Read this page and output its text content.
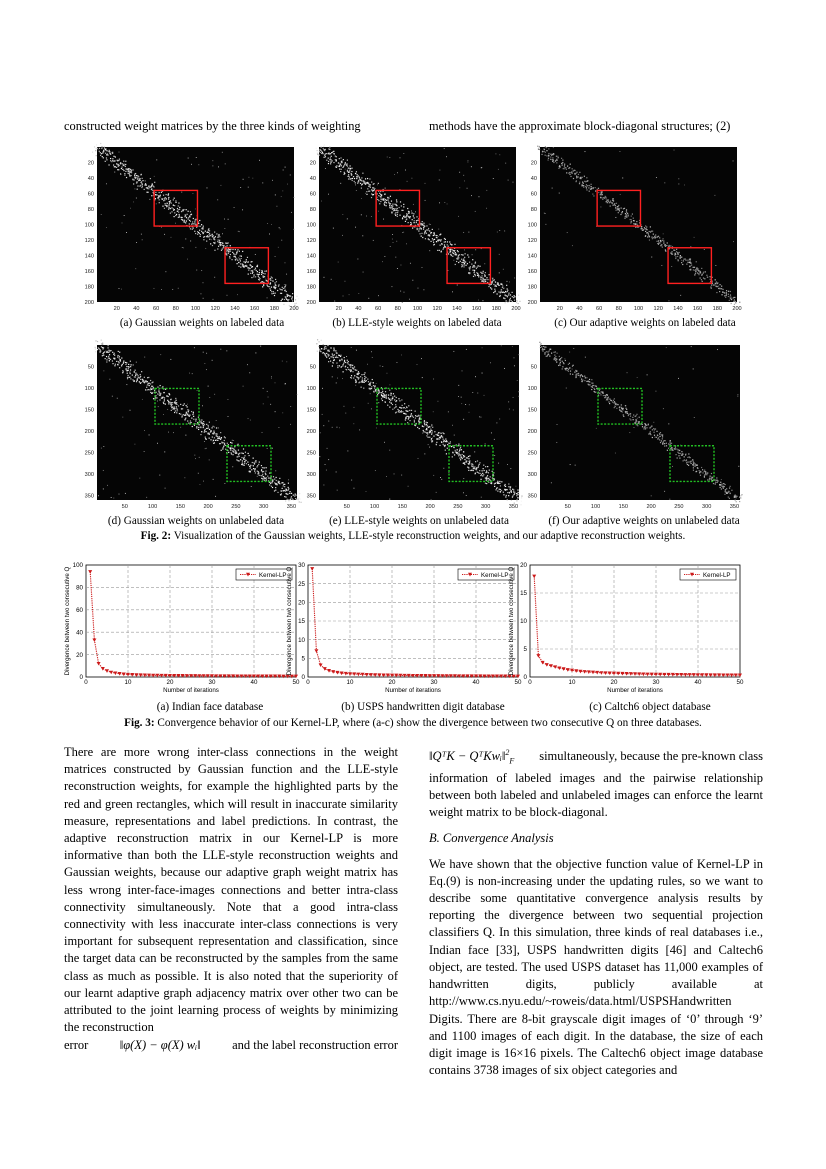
constructed weight matrices by the three kinds of weighting	methods have the approximate block-diagonal structures; (2)
20
20
40
40
60
60
80
80
100
100
120
120
140
140
160
160
180
180
200
200
20
20
40
40
60
60
80
80
100
100
120
120
140
140
160
160
180
180
200
200
20
20
40
40
60
60
80
80
100
100
120
120
140
140
160
160
180
180
200
200
50
50
100
100
150
150
200
200
250
250
300
300
350
350
50
50
100
100
150
150
200
200
250
250
300
300
350
350
50
50
100
100
150
150
200
200
250
250
300
300
350
350
(a) Gaussian weights on labeled data	(b) LLE-style weights on labeled data	(c) Our adaptive weights on labeled data
(d) Gaussian weights on unlabeled data	(e) LLE-style weights on unlabeled data	(f) Our adaptive weights on unlabeled data
Fig. 2: Visualization of the Gaussian weights, LLE-style reconstruction weights, and our adaptive reconstruction weights.
0	10	20	30	40	50
0
20
40
60
80
100
Number of iterations
Divergence between two consecutive Q	Kernel-LP
0	10	20	30	40	50
0
5
10
15
20
25
30
Number of iterations
Divergence between two consecutive Q	Kernel-LP
0	10	20	30	40	50
0
5
10
15
20
Number of iterations
Divergence between two consecutive Q	Kernel-LP
(a) Indian face database	(b) USPS handwritten digit database	(c) Caltch6 object database
Fig. 3: Convergence behavior of our Kernel-LP, where (a-c) show the divergence between two consecutive Q on three databases.

There are more wrong inter-class connections in the weight matrices constructed by Gaussian function and the LLE-style reconstruction weights, for example the highlighted parts by the red and green rectangles, which will result in inaccurate similarity measure, representations and label predictions. In contrast, the adaptive reconstruction matrix in our Kernel-LP is more informative than both the LLE-style reconstruction weights and Gaussian weights, because our adaptive graph weight matrix has less wrong inter-face-images connections and better intra-class connectivity simultaneously. Note that a good intra-class connectivity with less inaccurate inter-class connections is very important for subsequent representation and classification, since the target data can be reconstructed by the samples from the same class as much as possible. It is also noted that the superiority of our learnt adaptive graph adjacency matrix over other two can be attributed to the joint learning process of weights by minimizing the reconstruction

error	‖φ(X) − φ(X) wᵢ‖	and the label reconstruction error
‖QᵀK − QᵀKwᵢ‖$^2_F$ simultaneously, because the pre-known class

information of labeled images and the pairwise relationship between both labeled and unlabeled images can enforce the learnt weight matrix to be block-diagonal.

B. Convergence Analysis

We have shown that the objective function value of Kernel-LP in Eq.(9) is non-increasing under the updating rules, so we want to describe some quantitative convergence analysis results by reporting the divergence between two sequential projection classifiers Q. In this simulation, three kinds of real databases i.e., Indian face [33], USPS handwritten digits [46] and Caltech6 object, are tested. The used USPS dataset has 11,000 examples of handwritten digits, publicly available at http://www.cs.nyu.edu/~roweis/data.html/USPSHandwritten Digits. There are 8-bit grayscale digit images of ‘0’ through ‘9’ and 1100 images of each digit. In the database, the size of each digit image is 16×16 pixels. The Caltech6 object image database contains 3738 images of six object categories and
